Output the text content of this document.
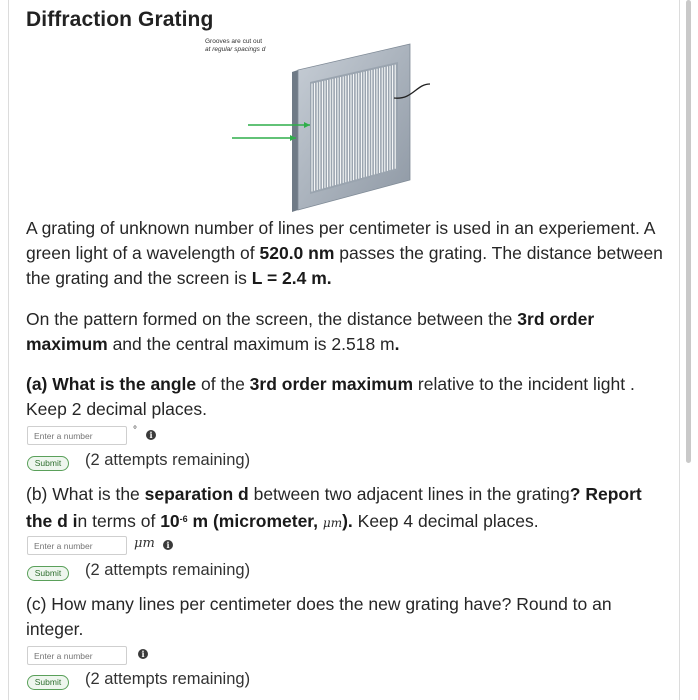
Diffraction Grating
Grooves are cut out
at regular spacings d
A grating of unknown number of lines per centimeter is used in an experiement. A green light of a wavelength of 520.0 nm passes the grating. The distance between the grating and the screen is L = 2.4 m.
On the pattern formed on the screen, the distance between the 3rd order maximum and the central maximum is 2.518 m.
(a) What is the angle of the 3rd order maximum relative to the incident light . Keep 2 decimal places.
Enter a number
°	i
Submit	(2 attempts remaining)
(b) What is the separation d between two adjacent lines in the grating? Report the d in terms of $10^{-6}$ m (micrometer, μm). Keep 4 decimal places.
Enter a number
μm	i
Submit	(2 attempts remaining)
(c) How many lines per centimeter does the new grating have? Round to an integer.
Enter a number
i
Submit	(2 attempts remaining)
